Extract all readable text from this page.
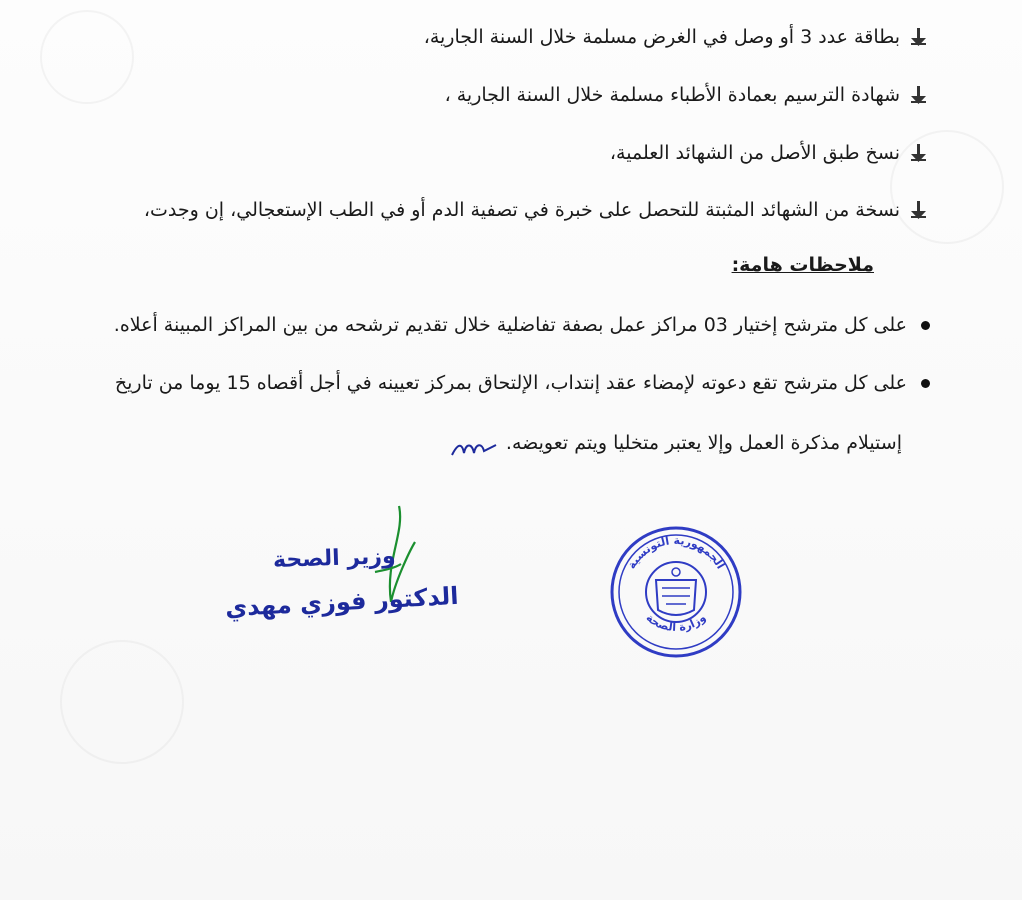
بطاقة عدد 3 أو وصل في الغرض مسلمة خلال السنة الجارية،
شهادة الترسيم بعمادة الأطباء مسلمة خلال السنة الجارية ،
نسخ طبق الأصل من الشهائد العلمية،
نسخة من الشهائد المثبتة للتحصل على خبرة في تصفية الدم أو في الطب الإستعجالي، إن وجدت،
ملاحظات هامة:
على كل مترشح إختيار 03 مراكز عمل بصفة تفاضلية خلال تقديم ترشحه من بين المراكز المبينة أعلاه.
على كل مترشح تقع دعوته لإمضاء عقد إنتداب، الإلتحاق بمركز تعيينه في أجل أقصاه 15 يوما من تاريخ
إستيلام مذكرة العمل وإلا يعتبر متخليا ويتم تعويضه.
وزير الصحة
الدكتور فوزي مهدي
الجمهورية التونسية
وزارة الصحة
